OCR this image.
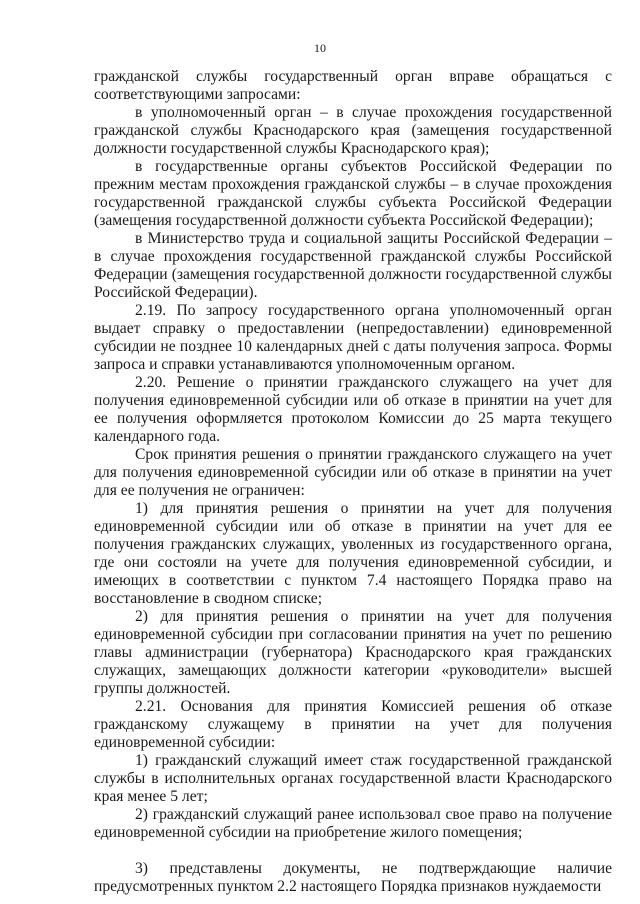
10

гражданской службы государственный орган вправе обращаться с соответствующими запросами:

в уполномоченный орган – в случае прохождения государственной гражданской службы Краснодарского края (замещения государственной должности государственной службы Краснодарского края);

в государственные органы субъектов Российской Федерации по прежним местам прохождения гражданской службы – в случае прохождения государственной гражданской службы субъекта Российской Федерации (замещения государственной должности субъекта Российской Федерации);

в Министерство труда и социальной защиты Российской Федерации – в случае прохождения государственной гражданской службы Российской Федерации (замещения государственной должности государственной службы Российской Федерации).

2.19. По запросу государственного органа уполномоченный орган выдает справку о предоставлении (непредоставлении) единовременной субсидии не позднее 10 календарных дней с даты получения запроса. Формы запроса и справки устанавливаются уполномоченным органом.

2.20. Решение о принятии гражданского служащего на учет для получения единовременной субсидии или об отказе в принятии на учет для ее получения оформляется протоколом Комиссии до 25 марта текущего календарного года.

Срок принятия решения о принятии гражданского служащего на учет для получения единовременной субсидии или об отказе в принятии на учет для ее получения не ограничен:

1) для принятия решения о принятии на учет для получения единовременной субсидии или об отказе в принятии на учет для ее получения гражданских служащих, уволенных из государственного органа, где они состояли на учете для получения единовременной субсидии, и имеющих в соответствии с пунктом 7.4 настоящего Порядка право на восстановление в сводном списке;

2) для принятия решения о принятии на учет для получения единовременной субсидии при согласовании принятия на учет по решению главы администрации (губернатора) Краснодарского края гражданских служащих, замещающих должности категории «руководители» высшей группы должностей.

2.21. Основания для принятия Комиссией решения об отказе гражданскому служащему в принятии на учет для получения единовременной субсидии:

1) гражданский служащий имеет стаж государственной гражданской службы в исполнительных органах государственной власти Краснодарского края менее 5 лет;

2) гражданский служащий ранее использовал свое право на получение единовременной субсидии на приобретение жилого помещения;

3) представлены документы, не подтверждающие наличие предусмотренных пунктом 2.2 настоящего Порядка признаков нуждаемости
